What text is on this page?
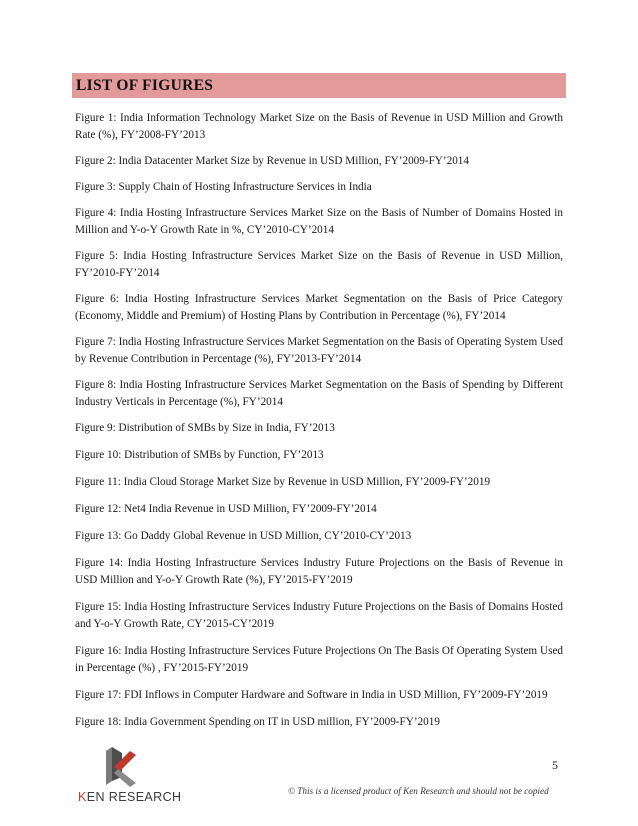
LIST OF FIGURES

Figure 1: India Information Technology Market Size on the Basis of Revenue in USD Million and Growth Rate (%), FY’2008-FY’2013

Figure 2: India Datacenter Market Size by Revenue in USD Million, FY’2009-FY’2014

Figure 3: Supply Chain of Hosting Infrastructure Services in India

Figure 4: India Hosting Infrastructure Services Market Size on the Basis of Number of Domains Hosted in Million and Y-o-Y Growth Rate in %, CY’2010-CY’2014

Figure 5: India Hosting Infrastructure Services Market Size on the Basis of Revenue in USD Million, FY’2010-FY’2014

Figure 6: India Hosting Infrastructure Services Market Segmentation on the Basis of Price Category (Economy, Middle and Premium) of Hosting Plans by Contribution in Percentage (%), FY’2014

Figure 7: India Hosting Infrastructure Services Market Segmentation on the Basis of Operating System Used by Revenue Contribution in Percentage (%), FY’2013-FY’2014

Figure 8: India Hosting Infrastructure Services Market Segmentation on the Basis of Spending by Different Industry Verticals in Percentage (%), FY’2014

Figure 9: Distribution of SMBs by Size in India, FY’2013

Figure 10: Distribution of SMBs by Function, FY’2013

Figure 11: India Cloud Storage Market Size by Revenue in USD Million, FY’2009-FY’2019

Figure 12: Net4 India Revenue in USD Million, FY’2009-FY’2014

Figure 13: Go Daddy Global Revenue in USD Million, CY’2010-CY’2013

Figure 14: India Hosting Infrastructure Services Industry Future Projections on the Basis of Revenue in USD Million and Y-o-Y Growth Rate (%), FY’2015-FY’2019

Figure 15: India Hosting Infrastructure Services Industry Future Projections on the Basis of Domains Hosted and Y-o-Y Growth Rate, CY’2015-CY’2019

Figure 16: India Hosting Infrastructure Services Future Projections On The Basis Of Operating System Used in Percentage (%) , FY’2015-FY’2019

Figure 17: FDI Inflows in Computer Hardware and Software in India in USD Million, FY’2009-FY’2019

Figure 18: India Government Spending on IT in USD million, FY’2009-FY’2019

5
KEN RESEARCH	© This is a licensed product of Ken Research and should not be copied
